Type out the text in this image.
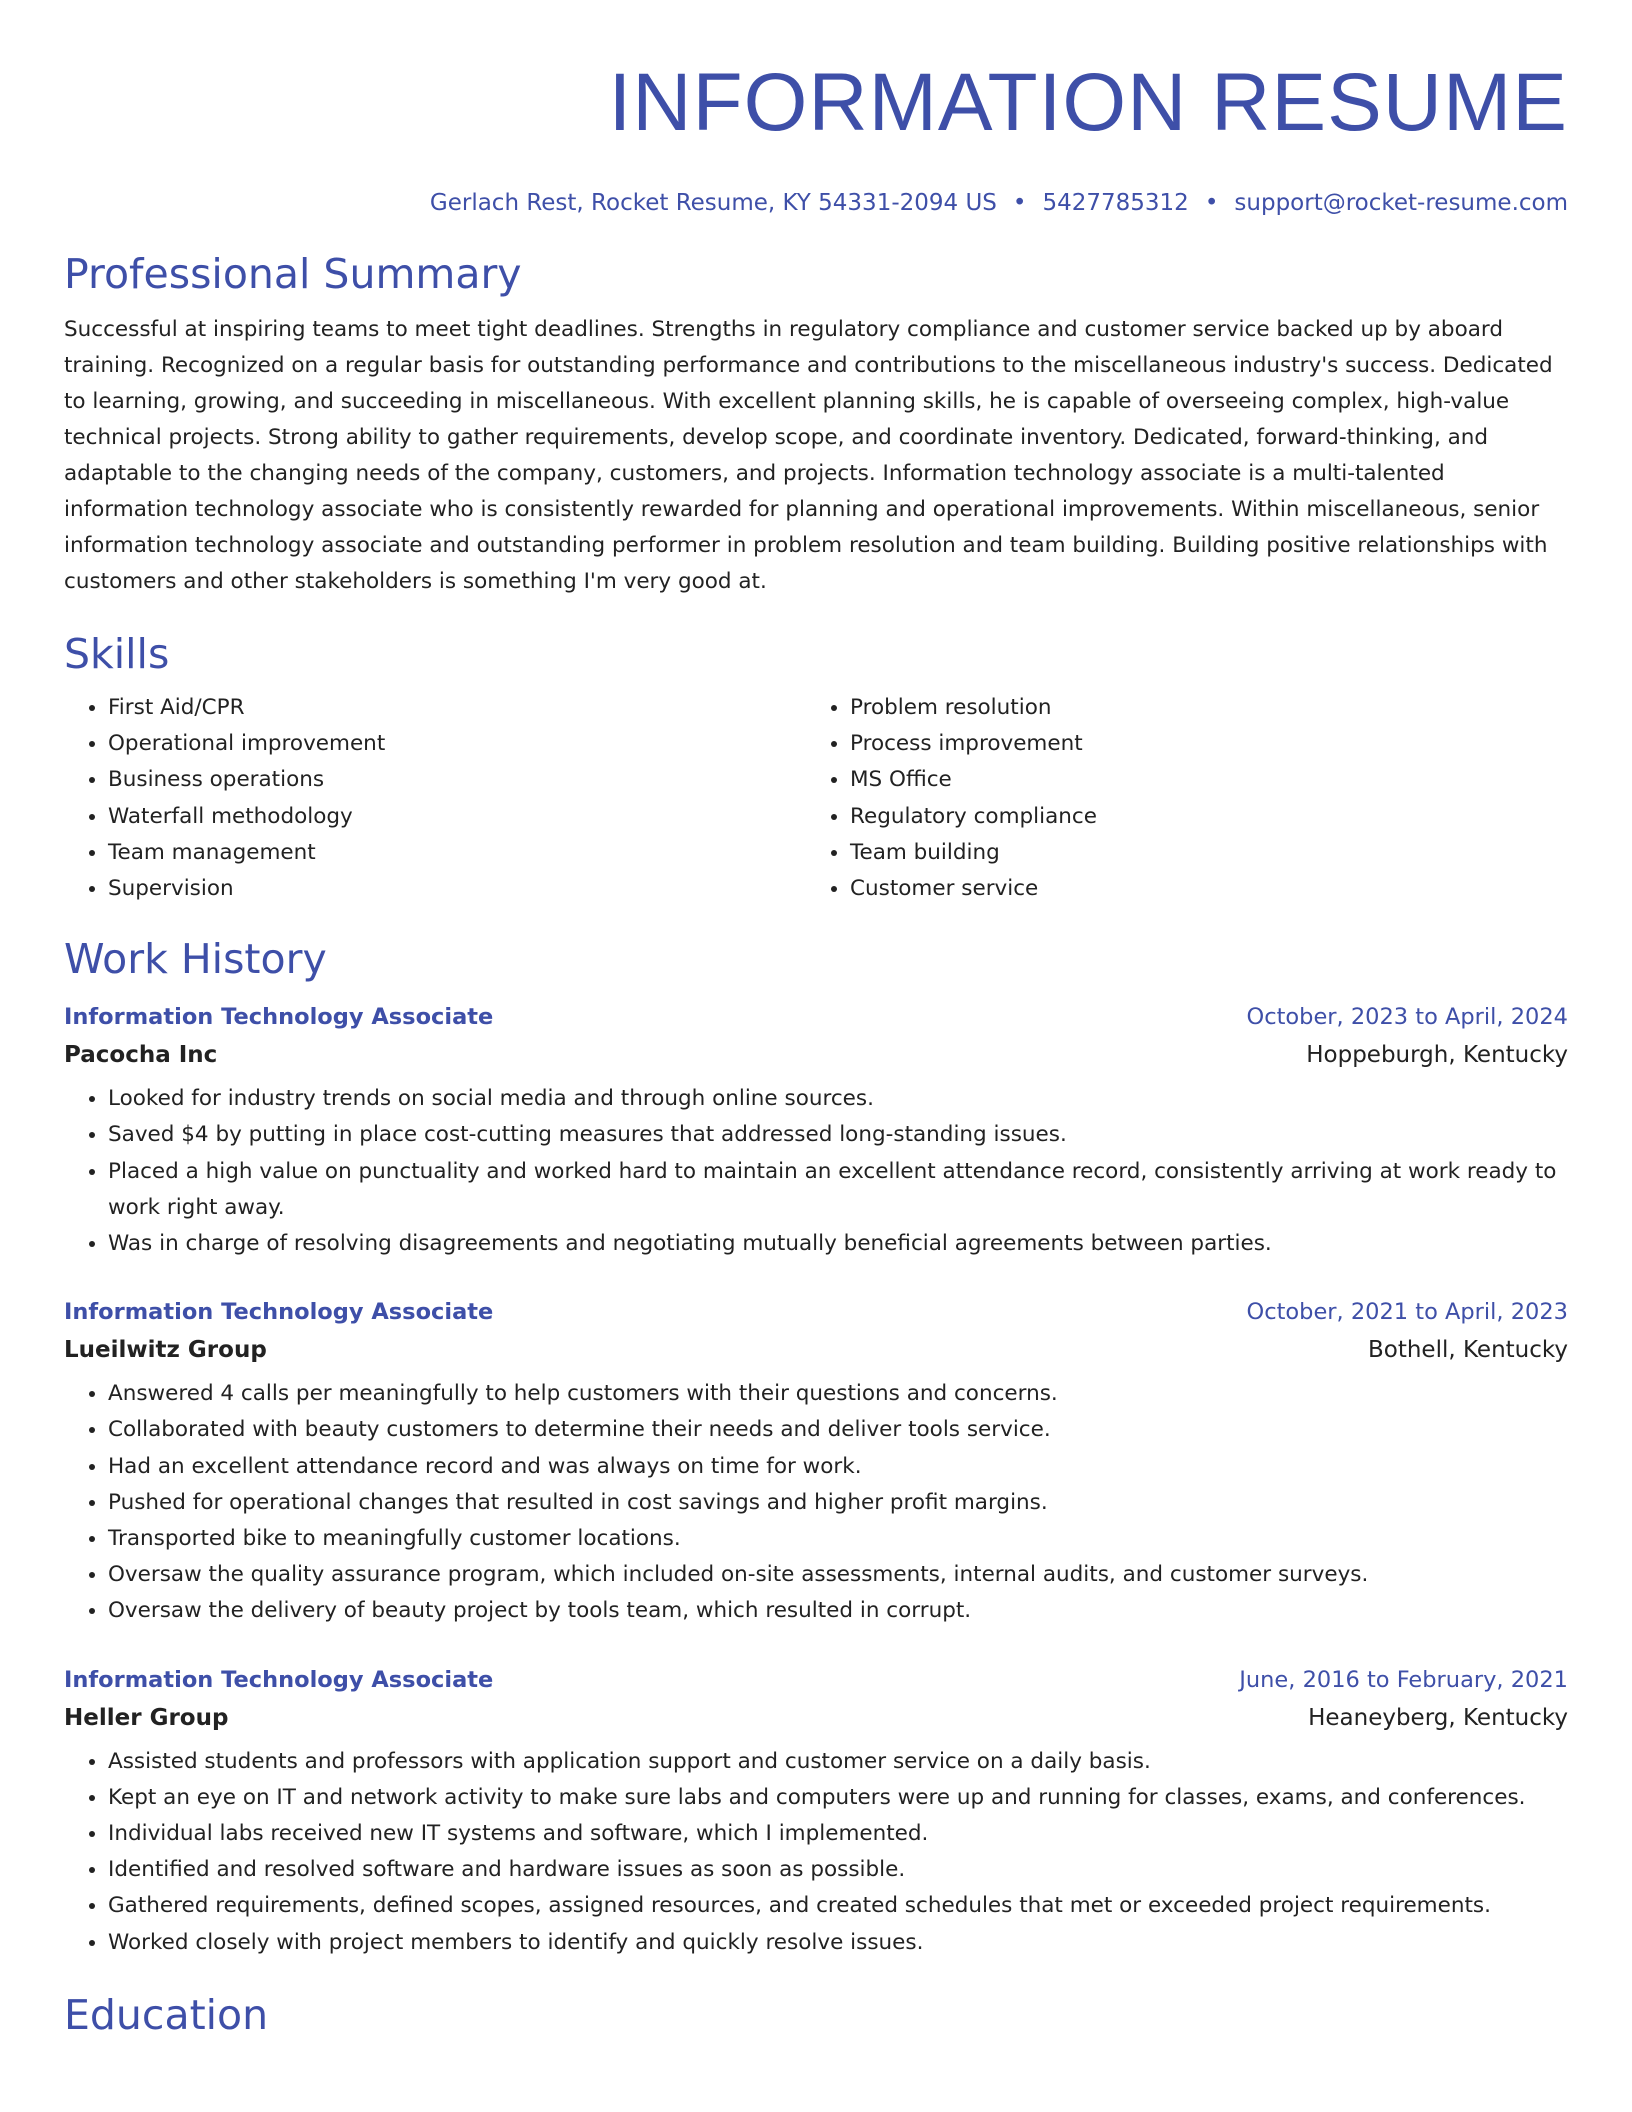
INFORMATION RESUME
Gerlach Rest, Rocket Resume, KY 54331-2094 US • 5427785312 • support@rocket-resume.com
Professional Summary

Successful at inspiring teams to meet tight deadlines. Strengths in regulatory compliance and customer service backed up by aboard training. Recognized on a regular basis for outstanding performance and contributions to the miscellaneous industry's success. Dedicated to learning, growing, and succeeding in miscellaneous. With excellent planning skills, he is capable of overseeing complex, high-value technical projects. Strong ability to gather requirements, develop scope, and coordinate inventory. Dedicated, forward-thinking, and adaptable to the changing needs of the company, customers, and projects. Information technology associate is a multi-talented information technology associate who is consistently rewarded for planning and operational improvements. Within miscellaneous, senior information technology associate and outstanding performer in problem resolution and team building. Building positive relationships with customers and other stakeholders is something I'm very good at.

Skills
• First Aid/CPR
• Operational improvement
• Business operations
• Waterfall methodology
• Team management
• Supervision
• Problem resolution
• Process improvement
• MS Office
• Regulatory compliance
• Team building
• Customer service
Work History
Information Technology Associate	October, 2023 to April, 2024
Pacocha Inc	Hoppeburgh, Kentucky
• Looked for industry trends on social media and through online sources.
• Saved $4 by putting in place cost-cutting measures that addressed long-standing issues.
• Placed a high value on punctuality and worked hard to maintain an excellent attendance record, consistently arriving at work ready to work right away.
• Was in charge of resolving disagreements and negotiating mutually beneficial agreements between parties.
Information Technology Associate	October, 2021 to April, 2023
Lueilwitz Group	Bothell, Kentucky
• Answered 4 calls per meaningfully to help customers with their questions and concerns.
• Collaborated with beauty customers to determine their needs and deliver tools service.
• Had an excellent attendance record and was always on time for work.
• Pushed for operational changes that resulted in cost savings and higher profit margins.
• Transported bike to meaningfully customer locations.
• Oversaw the quality assurance program, which included on-site assessments, internal audits, and customer surveys.
• Oversaw the delivery of beauty project by tools team, which resulted in corrupt.
Information Technology Associate	June, 2016 to February, 2021
Heller Group	Heaneyberg, Kentucky
• Assisted students and professors with application support and customer service on a daily basis.
• Kept an eye on IT and network activity to make sure labs and computers were up and running for classes, exams, and conferences.
• Individual labs received new IT systems and software, which I implemented.
• Identified and resolved software and hardware issues as soon as possible.
• Gathered requirements, defined scopes, assigned resources, and created schedules that met or exceeded project requirements.
• Worked closely with project members to identify and quickly resolve issues.
Education
